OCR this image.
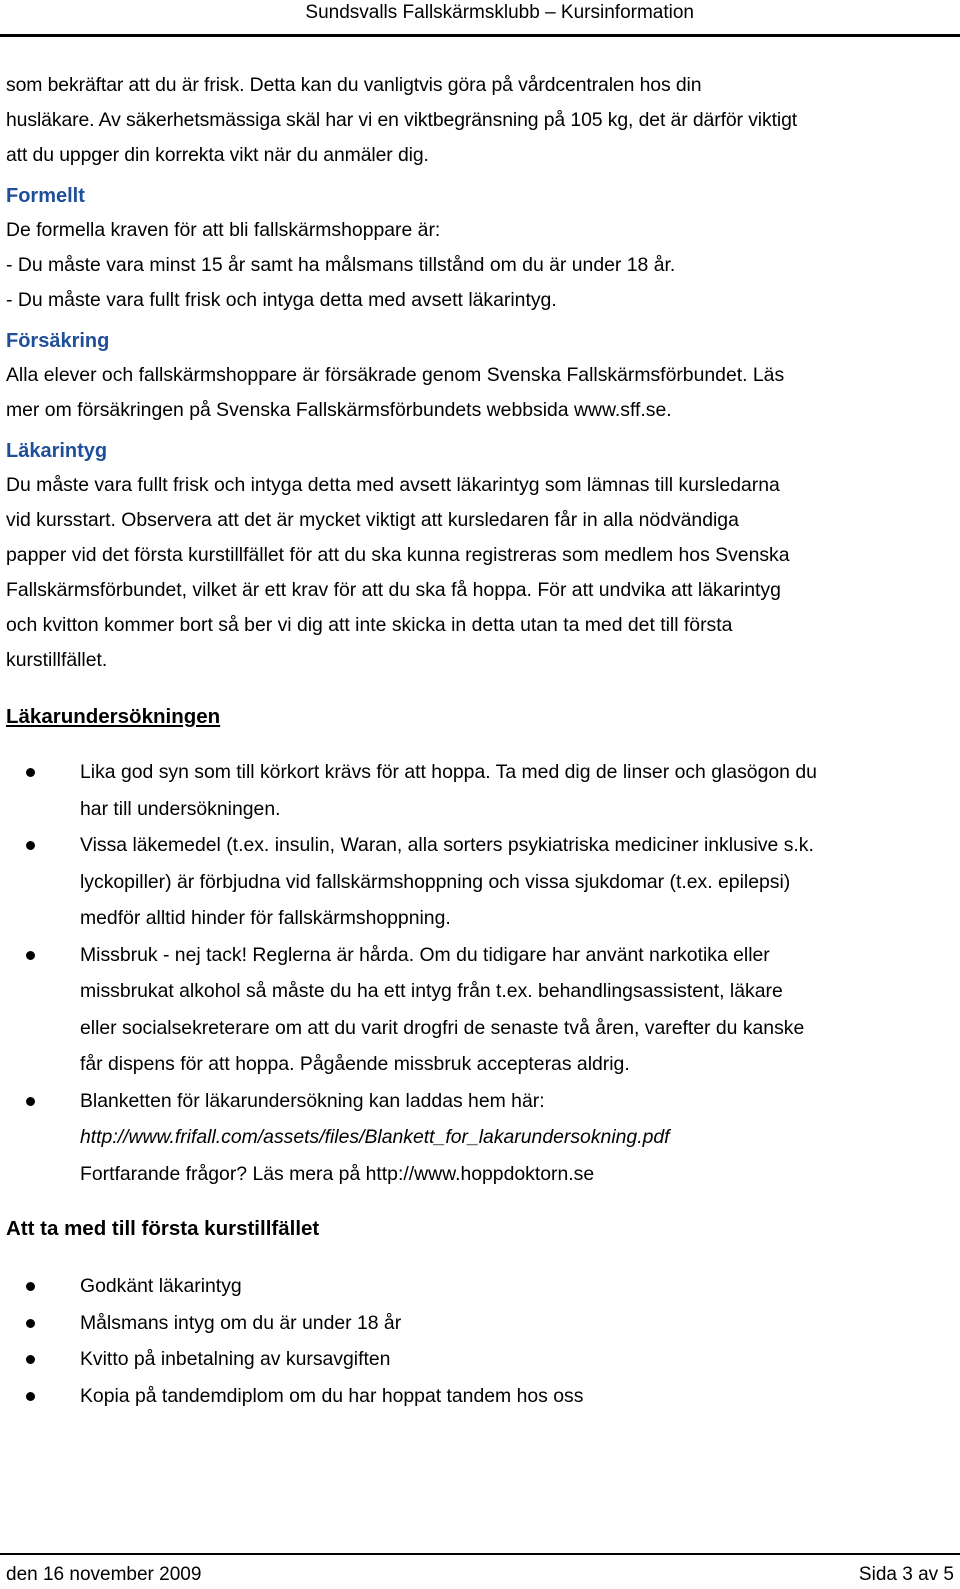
Sundsvalls Fallskärmsklubb – Kursinformation

som bekräftar att du är frisk. Detta kan du vanligtvis göra på vårdcentralen hos din
husläkare. Av säkerhetsmässiga skäl har vi en viktbegränsning på 105 kg, det är därför viktigt
att du uppger din korrekta vikt när du anmäler dig.

Formellt

De formella kraven för att bli fallskärmshoppare är:
- Du måste vara minst 15 år samt ha målsmans tillstånd om du är under 18 år.
- Du måste vara fullt frisk och intyga detta med avsett läkarintyg.

Försäkring

Alla elever och fallskärmshoppare är försäkrade genom Svenska Fallskärmsförbundet. Läs
mer om försäkringen på Svenska Fallskärmsförbundets webbsida www.sff.se.

Läkarintyg

Du måste vara fullt frisk och intyga detta med avsett läkarintyg som lämnas till kursledarna
vid kursstart. Observera att det är mycket viktigt att kursledaren får in alla nödvändiga
papper vid det första kurstillfället för att du ska kunna registreras som medlem hos Svenska
Fallskärmsförbundet, vilket är ett krav för att du ska få hoppa. För att undvika att läkarintyg
och kvitton kommer bort så ber vi dig att inte skicka in detta utan ta med det till första
kurstillfället.

Läkarundersökningen
Lika god syn som till körkort krävs för att hoppa. Ta med dig de linser och glasögon du
har till undersökningen.
Vissa läkemedel (t.ex. insulin, Waran, alla sorters psykiatriska mediciner inklusive s.k.
lyckopiller) är förbjudna vid fallskärmshoppning och vissa sjukdomar (t.ex. epilepsi)
medför alltid hinder för fallskärmshoppning.
Missbruk - nej tack! Reglerna är hårda. Om du tidigare har använt narkotika eller
missbrukat alkohol så måste du ha ett intyg från t.ex. behandlingsassistent, läkare
eller socialsekreterare om att du varit drogfri de senaste två åren, varefter du kanske
får dispens för att hoppa. Pågående missbruk accepteras aldrig.
Blanketten för läkarundersökning kan laddas hem här:
http://www.frifall.com/assets/files/Blankett_for_lakarundersokning.pdf
Fortfarande frågor? Läs mera på http://www.hoppdoktorn.se
Att ta med till första kurstillfället
Godkänt läkarintyg
Målsmans intyg om du är under 18 år
Kvitto på inbetalning av kursavgiften
Kopia på tandemdiplom om du har hoppat tandem hos oss
den 16 november 2009	Sida 3 av 5
